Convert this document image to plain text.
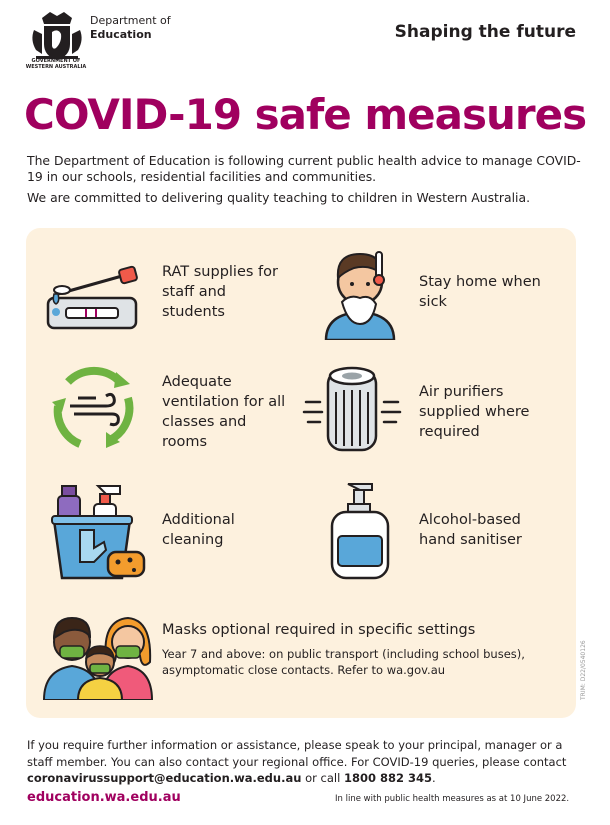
GOVERNMENT OF
WESTERN AUSTRALIA
Department of
Education	Shaping the future
COVID-19 safe measures

The Department of Education is following current public health advice to manage COVID-19 in our schools, residential facilities and communities.

We are committed to delivering quality teaching to children in Western Australia.

RAT supplies for staff and students
Stay home when sick
Adequate ventilation for all classes and rooms
Air purifiers supplied where required
Additional cleaning
Alcohol-based hand sanitiser
Masks optional required in specific settings
Year 7 and above: on public transport (including school buses), asymptomatic close contacts. Refer to wa.gov.au
If you require further information or assistance, please speak to your principal, manager or a staff member. You can also contact your regional office. For COVID-19 queries, please contact coronavirussupport@education.wa.edu.au or call 1800 882 345.
education.wa.edu.au	In line with public health measures as at 10 June 2022.
TRIM: D22/0540126
